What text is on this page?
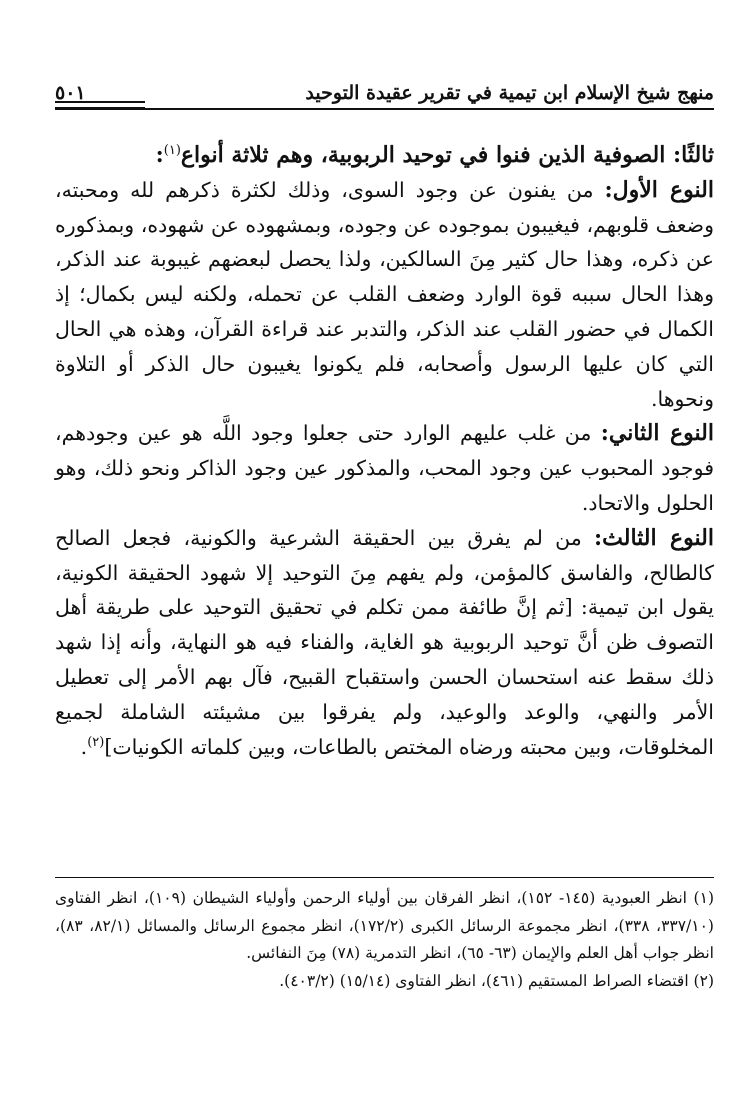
منهج شيخ الإسلام ابن تيمية في تقرير عقيدة التوحيد
٥٠١

ثالثًا: الصوفية الذين فنوا في توحيد الربوبية، وهم ثلاثة أنواع$^{(١)}$:

النوع الأول: من يفنون عن وجود السوى، وذلك لكثرة ذكرهم لله ومحبته، وضعف قلوبهم، فيغيبون بموجوده عن وجوده، وبمشهوده عن شهوده، وبمذكوره عن ذكره، وهذا حال كثير مِنَ السالكين، ولذا يحصل لبعضهم غيبوبة عند الذكر، وهذا الحال سببه قوة الوارد وضعف القلب عن تحمله، ولكنه ليس بكمال؛ إذ الكمال في حضور القلب عند الذكر، والتدبر عند قراءة القرآن، وهذه هي الحال التي كان عليها الرسول وأصحابه، فلم يكونوا يغيبون حال الذكر أو التلاوة ونحوها.

النوع الثاني: من غلب عليهم الوارد حتى جعلوا وجود اللَّه هو عين وجودهم، فوجود المحبوب عين وجود المحب، والمذكور عين وجود الذاكر ونحو ذلك، وهو الحلول والاتحاد.

النوع الثالث: من لم يفرق بين الحقيقة الشرعية والكونية، فجعل الصالح كالطالح، والفاسق كالمؤمن، ولم يفهم مِنَ التوحيد إلا شهود الحقيقة الكونية، يقول ابن تيمية: [ثم إنَّ طائفة ممن تكلم في تحقيق التوحيد على طريقة أهل التصوف ظن أنَّ توحيد الربوبية هو الغاية، والفناء فيه هو النهاية، وأنه إذا شهد ذلك سقط عنه استحسان الحسن واستقباح القبيح، فآل بهم الأمر إلى تعطيل الأمر والنهي، والوعد والوعيد، ولم يفرقوا بين مشيئته الشاملة لجميع المخلوقات، وبين محبته ورضاه المختص بالطاعات، وبين كلماته الكونيات]$^{(٢)}$.

(١) انظر العبودية (١٤٥- ١٥٢)، انظر الفرقان بين أولياء الرحمن وأولياء الشيطان (١٠٩)، انظر الفتاوى (٣٣٧/١٠، ٣٣٨)، انظر مجموعة الرسائل الكبرى (١٧٢/٢)، انظر مجموع الرسائل والمسائل (٨٢/١، ٨٣)، انظر جواب أهل العلم والإيمان (٦٣- ٦٥)، انظر التدمرية (٧٨) مِنَ النفائس.

(٢) اقتضاء الصراط المستقيم (٤٦١)، انظر الفتاوى (١٥/١٤) (٤٠٣/٢).
